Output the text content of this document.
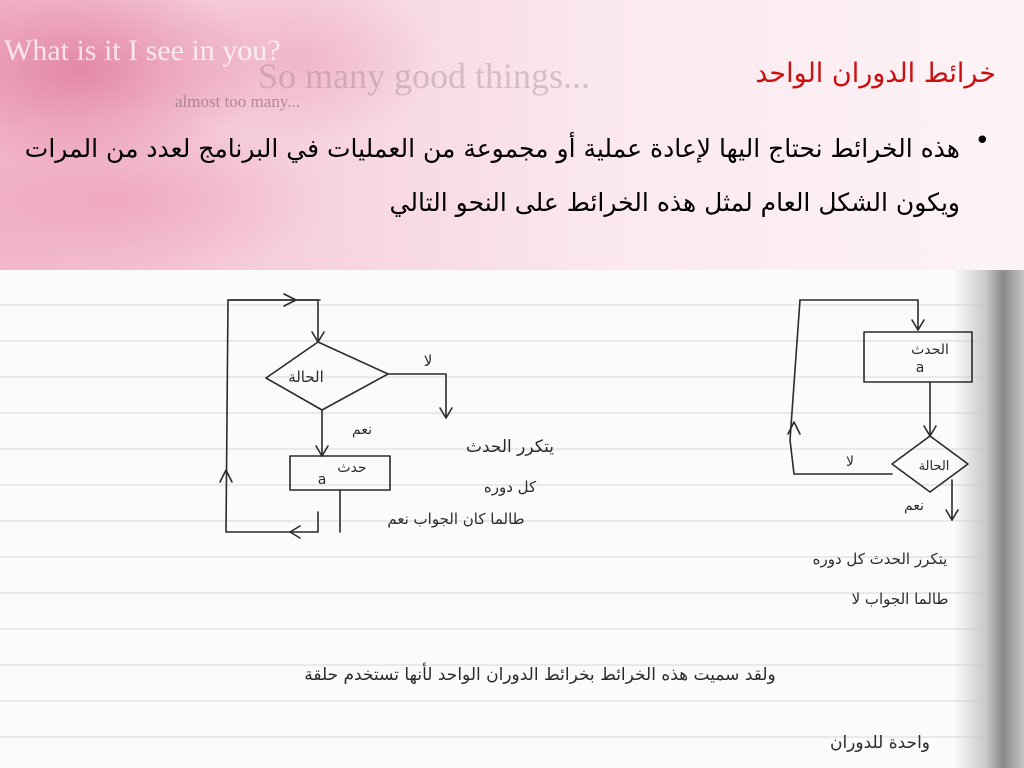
What is it I see in you?
So many good things...
almost too many...
خرائط الدوران الواحد
•

هذه الخرائط نحتاج اليها لإعادة عملية أو مجموعة من العمليات في البرنامج لعدد من المرات ويكون الشكل العام لمثل هذه الخرائط على النحو التالي

الحالة
لا
نعم
حدث
a
يتكرر الحدث
كل دوره
طالما كان الجواب نعم
الحدث
a
الحالة
لا
نعم
يتكرر الحدث كل دوره
طالما الجواب لا
ولقد سميت هذه الخرائط بخرائط الدوران الواحد لأنها تستخدم حلقة
واحدة للدوران
